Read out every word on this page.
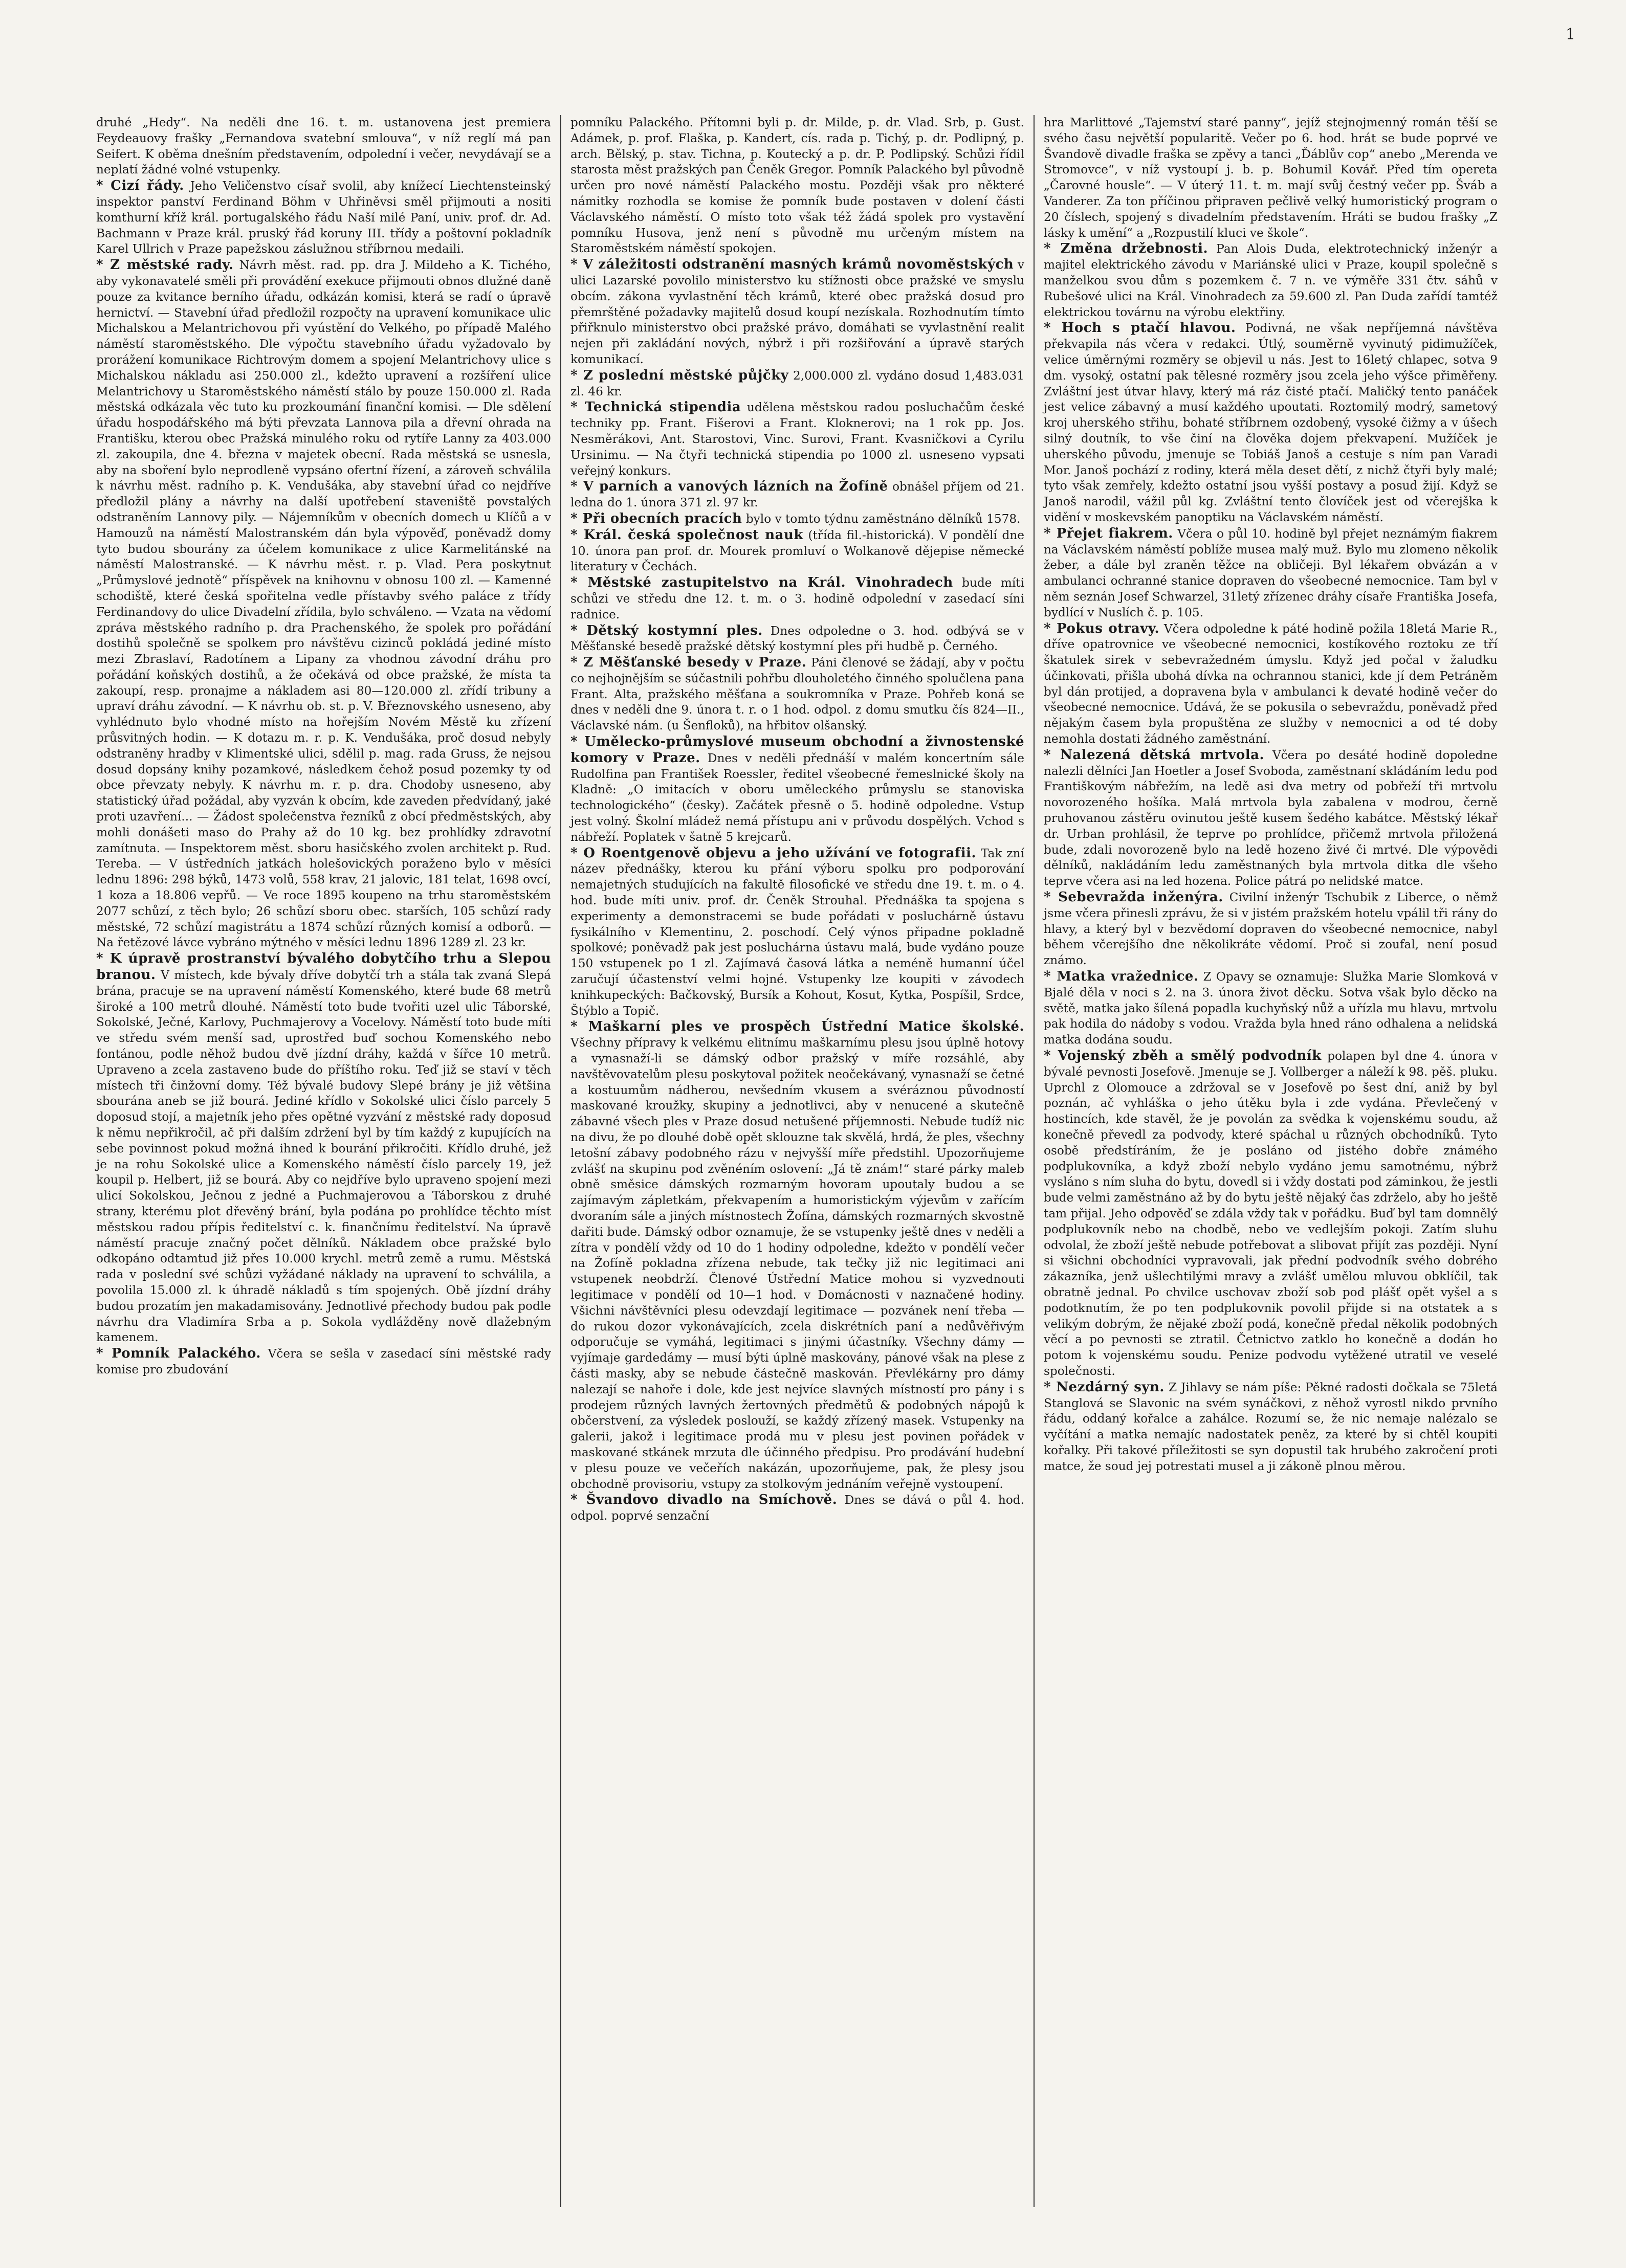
1

druhé „Hedy“. Na neděli dne 16. t. m. ustanovena jest premiera Feydeauovy frašky „Fernandova svatební smlouva“, v níž reglí má pan Seifert. K oběma dnešním představením, odpolední i večer, nevydávají se a neplatí žádné volné vstupenky.

* Cizí řády. Jeho Veličenstvo císař svolil, aby knížecí Liechtensteinský inspektor panství Ferdinand Böhm v Uhřiněvsi směl přijmouti a nositi komthurní kříž král. portugalského řádu Naší milé Paní, univ. prof. dr. Ad. Bachmann v Praze král. pruský řád koruny III. třídy a poštovní pokladník Karel Ullrich v Praze papežskou záslužnou stříbrnou medaili.

* Z městské rady. Návrh měst. rad. pp. dra J. Mildeho a K. Tichého, aby vykonavatelé směli při provádění exekuce přijmouti obnos dlužné daně pouze za kvitance berního úřadu, odkázán komisi, která se radí o úpravě hernictví. — Stavební úřad předložil rozpočty na upravení komunikace ulic Michalskou a Melantrichovou při vyústění do Velkého, po případě Malého náměstí staroměstského. Dle výpočtu stavebního úřadu vyžadovalo by prorážení komunikace Richtrovým domem a spojení Melantrichovy ulice s Michalskou nákladu asi 250.000 zl., kdežto upravení a rozšíření ulice Melantrichovy u Staroměstského náměstí stálo by pouze 150.000 zl. Rada městská odkázala věc tuto ku prozkoumání finanční komisi. — Dle sdělení úřadu hospodářského má býti převzata Lannova pila a dřevní ohrada na Františku, kterou obec Pražská minulého roku od rytíře Lanny za 403.000 zl. zakoupila, dne 4. března v majetek obecní. Rada městská se usnesla, aby na sboření bylo neprodleně vypsáno ofertní řízení, a zároveň schválila k návrhu měst. radního p. K. Vendušáka, aby stavební úřad co nejdříve předložil plány a návrhy na další upotřebení staveniště povstalých odstraněním Lannovy pily. — Nájemníkům v obecních domech u Klíčů a v Hamouzů na náměstí Malostranském dán byla výpověď, poněvadž domy tyto budou sbourány za účelem komunikace z ulice Karmelitánské na náměstí Malostranské. — K návrhu měst. r. p. Vlad. Pera poskytnut „Průmyslové jednotě“ příspěvek na knihovnu v obnosu 100 zl. — Kamenné schodiště, které česká spořitelna vedle přístavby svého paláce z třídy Ferdinandovy do ulice Divadelní zřídila, bylo schváleno. — Vzata na vědomí zpráva městského radního p. dra Prachenského, že spolek pro pořádání dostihů společně se spolkem pro návštěvu cizinců pokládá jediné místo mezi Zbraslaví, Radotínem a Lipany za vhodnou závodní dráhu pro pořádání koňských dostihů, a že očekává od obce pražské, že místa ta zakoupí, resp. pronajme a nákladem asi 80—120.000 zl. zřídí tribuny a upraví dráhu závodní. — K návrhu ob. st. p. V. Březnovského usneseno, aby vyhlédnuto bylo vhodné místo na hořejším Novém Městě ku zřízení průsvitných hodin. — K dotazu m. r. p. K. Vendušáka, proč dosud nebyly odstraněny hradby v Klimentské ulici, sdělil p. mag. rada Gruss, že nejsou dosud dopsány knihy pozamkové, následkem čehož posud pozemky ty od obce převzaty nebyly. K návrhu m. r. p. dra. Chodoby usneseno, aby statistický úřad požádal, aby vyzván k obcím, kde zaveden předvídaný, jaké proti uzavření... — Žádost společenstva řezníků z obcí předměstských, aby mohli donášeti maso do Prahy až do 10 kg. bez prohlídky zdravotní zamítnuta. — Inspektorem měst. sboru hasičského zvolen architekt p. Rud. Tereba. — V ústředních jatkách holešovických poraženo bylo v měsíci lednu 1896: 298 býků, 1473 volů, 558 krav, 21 jalovic, 181 telat, 1698 ovcí, 1 koza a 18.806 vepřů. — Ve roce 1895 koupeno na trhu staroměstském 2077 schůzí, z těch bylo; 26 schůzí sboru obec. starších, 105 schůzí rady městské, 72 schůzí magistrátu a 1874 schůzí různých komisí a odborů. — Na řetězové lávce vybráno mýtného v měsíci lednu 1896 1289 zl. 23 kr.

* K úpravě prostranství bývalého dobytčího trhu a Slepou branou. V místech, kde bývaly dříve dobytčí trh a stála tak zvaná Slepá brána, pracuje se na upravení náměstí Komenského, které bude 68 metrů široké a 100 metrů dlouhé. Náměstí toto bude tvořiti uzel ulic Táborské, Sokolské, Ječné, Karlovy, Puchmajerovy a Vocelovy. Náměstí toto bude míti ve středu svém menší sad, uprostřed buď sochou Komenského nebo fontánou, podle něhož budou dvě jízdní dráhy, každá v šířce 10 metrů. Upraveno a zcela zastaveno bude do příštího roku. Teď již se staví v těch místech tři činžovní domy. Též bývalé budovy Slepé brány je již většina sbourána aneb se již bourá. Jediné křídlo v Sokolské ulici číslo parcely 5 doposud stojí, a majetník jeho přes opětné vyzvání z městské rady doposud k němu nepřikročil, ač při dalším zdržení byl by tím každý z kupujících na sebe povinnost pokud možná ihned k bourání přikročiti. Křídlo druhé, jež je na rohu Sokolské ulice a Komenského náměstí číslo parcely 19, jež koupil p. Helbert, již se bourá. Aby co nejdříve bylo upraveno spojení mezi ulicí Sokolskou, Ječnou z jedné a Puchmajerovou a Táborskou z druhé strany, kterému plot dřevěný brání, byla podána po prohlídce těchto míst městskou radou přípis ředitelství c. k. finančnímu ředitelství. Na úpravě náměstí pracuje značný počet dělníků. Nákladem obce pražské bylo odkopáno odtamtud již přes 10.000 krychl. metrů země a rumu. Městská rada v poslední své schůzi vyžádané náklady na upravení to schválila, a povolila 15.000 zl. k úhradě nákladů s tím spojených. Obě jízdní dráhy budou prozatím jen makadamisovány. Jednotlivé přechody budou pak podle návrhu dra Vladimíra Srba a p. Sokola vydlážděny nově dlažebným kamenem.

* Pomník Palackého. Včera se sešla v zasedací síni městské rady komise pro zbudování

pomníku Palackého. Přítomni byli p. dr. Milde, p. dr. Vlad. Srb, p. Gust. Adámek, p. prof. Flaška, p. Kandert, cís. rada p. Tichý, p. dr. Podlipný, p. arch. Bělský, p. stav. Tichna, p. Koutecký a p. dr. P. Podlipský. Schůzi řídil starosta měst pražských pan Čeněk Gregor. Pomník Palackého byl původně určen pro nové náměstí Palackého mostu. Později však pro některé námitky rozhodla se komise že pomník bude postaven v dolení části Václavského náměstí. O místo toto však též žádá spolek pro vystavění pomníku Husova, jenž není s původně mu určeným místem na Staroměstském náměstí spokojen.

* V záležitosti odstranění masných krámů novoměstských v ulici Lazarské povolilo ministerstvo ku stížnosti obce pražské ve smyslu obcím. zákona vyvlastnění těch krámů, které obec pražská dosud pro přemrštěné požadavky majitelů dosud koupí nezískala. Rozhodnutím tímto přiřknulo ministerstvo obci pražské právo, domáhati se vyvlastnění realit nejen při zakládání nových, nýbrž i při rozšiřování a úpravě starých komunikací.

* Z poslední městské půjčky 2,000.000 zl. vydáno dosud 1,483.031 zl. 46 kr.

* Technická stipendia udělena městskou radou posluchačům české techniky pp. Frant. Fišerovi a Frant. Kloknerovi; na 1 rok pp. Jos. Nesměrákovi, Ant. Starostovi, Vinc. Surovi, Frant. Kvasničkovi a Cyrilu Ursinimu. — Na čtyři technická stipendia po 1000 zl. usneseno vypsati veřejný konkurs.

* V parních a vanových lázních na Žofíně obnášel příjem od 21. ledna do 1. února 371 zl. 97 kr.

* Při obecních pracích bylo v tomto týdnu zaměstnáno dělníků 1578.

* Král. česká společnost nauk (třída fil.-historická). V pondělí dne 10. února pan prof. dr. Mourek promluví o Wolkanově dějepise německé literatury v Čechách.

* Městské zastupitelstvo na Král. Vinohradech bude míti schůzi ve středu dne 12. t. m. o 3. hodině odpolední v zasedací síni radnice.

* Dětský kostymní ples. Dnes odpoledne o 3. hod. odbývá se v Měšťanské besedě pražské dětský kostymní ples při hudbě p. Černého.

* Z Měšťanské besedy v Praze. Páni členové se žádají, aby v počtu co nejhojnějším se súčastnili pohřbu dlouholetého činného spolučlena pana Frant. Alta, pražského měšťana a soukromníka v Praze. Pohřeb koná se dnes v neděli dne 9. února t. r. o 1 hod. odpol. z domu smutku čís 824—II., Václavské nám. (u Šenfloků), na hřbitov olšanský.

* Umělecko-průmyslové museum obchodní a živnostenské komory v Praze. Dnes v neděli přednáší v malém koncertním sále Rudolfina pan František Roessler, ředitel všeobecné řemeslnické školy na Kladně: „O imitacích v oboru uměleckého průmyslu se stanoviska technologického“ (česky). Začátek přesně o 5. hodině odpoledne. Vstup jest volný. Školní mládež nemá přístupu ani v průvodu dospělých. Vchod s nábřeží. Poplatek v šatně 5 krejcarů.

* O Roentgenově objevu a jeho užívání ve fotografii. Tak zní název přednášky, kterou ku přání výboru spolku pro podporování nemajetných studujících na fakultě filosofické ve středu dne 19. t. m. o 4. hod. bude míti univ. prof. dr. Čeněk Strouhal. Přednáška ta spojena s experimenty a demonstracemi se bude pořádati v posluchárně ústavu fysikálního v Klementinu, 2. poschodí. Celý výnos připadne pokladně spolkové; poněvadž pak jest posluchárna ústavu malá, bude vydáno pouze 150 vstupenek po 1 zl. Zajímavá časová látka a neméně humanní účel zaručují účastenství velmi hojné. Vstupenky lze koupiti v závodech knihkupeckých: Bačkovský, Bursík a Kohout, Kosut, Kytka, Pospíšil, Srdce, Štýblo a Topič.

* Maškarní ples ve prospěch Ústřední Matice školské. Všechny přípravy k velkému elitnímu maškarnímu plesu jsou úplně hotovy a vynasnaží-li se dámský odbor pražský v míře rozsáhlé, aby navštěvovatelům plesu poskytoval požitek neočekávaný, vynasnaží se četné a kostuumům nádherou, nevšedním vkusem a svéráznou původností maskované kroužky, skupiny a jednotlivci, aby v nenucené a skutečně zábavné všech ples v Praze dosud netušené příjemnosti. Nebude tudíž nic na divu, že po dlouhé době opět sklouzne tak skvělá, hrdá, že ples, všechny letošní zábavy podobného rázu v nejvyšší míře předstihl. Upozorňujeme zvlášť na skupinu pod zvěnéním oslovení: „Já tě znám!“ staré párky maleb obně směsice dámských rozmarným hovoram upoutaly budou a se zajímavým zápletkám, překvapením a humoristickým výjevům v zařícím dvoraním sále a jiných místnostech Žofína, dámských rozmarných skvostně dařiti bude. Dámský odbor oznamuje, že se vstupenky ještě dnes v neděli a zítra v pondělí vždy od 10 do 1 hodiny odpoledne, kdežto v pondělí večer na Žofíně pokladna zřízena nebude, tak tečky již nic legitimaci ani vstupenek neobdrží. Členové Ústřední Matice mohou si vyzvednouti legitimace v pondělí od 10—1 hod. v Domácnosti v naznačené hodiny. Všichni návštěvníci plesu odevzdají legitimace — pozvánek není třeba — do rukou dozor vykonávajících, zcela diskrétních paní a nedůvěřivým odporučuje se vymáhá, legitimaci s jinými účastníky. Všechny dámy — vyjímaje gardedámy — musí býti úplně maskovány, pánové však na plese z části masky, aby se nebude částečně maskován. Převlékárny pro dámy nalezají se nahoře i dole, kde jest nejvíce slavných místností pro pány i s prodejem různých lavných žertovných předmětů & podobných nápojů k občerstvení, za výsledek poslouží, se každý zřízený masek. Vstupenky na galerii, jakož i legitimace prodá mu v plesu jest povinen pořádek v maskované stkánek mrzuta dle účinného předpisu. Pro prodávání hudební v plesu pouze ve večeřích nakázán, upozorňujeme, pak, že plesy jsou obchodně provisoriu, vstupy za stolkovým jednáním veřejně vystoupení.

* Švandovo divadlo na Smíchově. Dnes se dává o půl 4. hod. odpol. poprvé senzační

hra Marlittové „Tajemství staré panny“, jejíž stejnojmenný román těší se svého času největší popularitě. Večer po 6. hod. hrát se bude poprvé ve Švandově divadle fraška se zpěvy a tanci „Ďáblův cop“ anebo „Merenda ve Stromovce“, v níž vystoupí j. b. p. Bohumil Kovář. Před tím opereta „Čarovné housle“. — V úterý 11. t. m. mají svůj čestný večer pp. Šváb a Vanderer. Za ton příčinou připraven pečlivě velký humoristický program o 20 číslech, spojený s divadelním představením. Hráti se budou frašky „Z lásky k umění“ a „Rozpustilí kluci ve škole“.

* Změna držebnosti. Pan Alois Duda, elektrotechnický inženýr a majitel elektrického závodu v Mariánské ulici v Praze, koupil společně s manželkou svou dům s pozemkem č. 7 n. ve výměře 331 čtv. sáhů v Rubešové ulici na Král. Vinohradech za 59.600 zl. Pan Duda zařídí tamtéž elektrickou továrnu na výrobu elektřiny.

* Hoch s ptačí hlavou. Podivná, ne však nepříjemná návštěva překvapila nás včera v redakci. Útlý, souměrně vyvinutý pidimužíček, velice úměrnými rozměry se objevil u nás. Jest to 16letý chlapec, sotva 9 dm. vysoký, ostatní pak tělesné rozměry jsou zcela jeho výšce přiměřeny. Zvláštní jest útvar hlavy, který má ráz čisté ptačí. Maličký tento panáček jest velice zábavný a musí každého upoutati. Roztomilý modrý, sametový kroj uherského střihu, bohaté stříbrnem ozdobený, vysoké čižmy a v úšech silný doutník, to vše činí na člověka dojem překvapení. Mužíček je uherského původu, jmenuje se Tobiáš Janoš a cestuje s ním pan Varadi Mor. Janoš pochází z rodiny, která měla deset dětí, z nichž čtyři byly malé; tyto však zemřely, kdežto ostatní jsou vyšší postavy a posud žijí. Když se Janoš narodil, vážil půl kg. Zvláštní tento človíček jest od včerejška k vidění v moskevském panoptiku na Václavském náměstí.

* Přejet fiakrem. Včera o půl 10. hodině byl přejet neznámým fiakrem na Václavském náměstí poblíže musea malý muž. Bylo mu zlomeno několik žeber, a dále byl zraněn těžce na obličeji. Byl lékařem obvázán a v ambulanci ochranné stanice dopraven do všeobecné nemocnice. Tam byl v něm seznán Josef Schwarzel, 31letý zřízenec dráhy císaře Františka Josefa, bydlící v Nuslích č. p. 105.

* Pokus otravy. Včera odpoledne k páté hodině požila 18letá Marie R., dříve opatrovnice ve všeobecné nemocnici, kostíkového roztoku ze tří škatulek sirek v sebevražedném úmyslu. Když jed počal v žaludku účinkovati, přišla ubohá dívka na ochrannou stanici, kde jí dem Petráněm byl dán protijed, a dopravena byla v ambulanci k devaté hodině večer do všeobecné nemocnice. Udává, že se pokusila o sebevraždu, poněvadž před nějakým časem byla propuštěna ze služby v nemocnici a od té doby nemohla dostati žádného zaměstnání.

* Nalezená dětská mrtvola. Včera po desáté hodině dopoledne nalezli dělníci Jan Hoetler a Josef Svoboda, zaměstnaní skládáním ledu pod Františkovým nábřežím, na ledě asi dva metry od pobřeží tři mrtvolu novorozeného hošíka. Malá mrtvola byla zabalena v modrou, černě pruhovanou zástěru ovinutou ještě kusem šedého kabátce. Městský lékař dr. Urban prohlásil, že teprve po prohlídce, přičemž mrtvola přiložená bude, zdali novorozeně bylo na ledě hozeno živé či mrtvé. Dle výpovědi dělníků, nakládáním ledu zaměstnaných byla mrtvola ditka dle všeho teprve včera asi na led hozena. Police pátrá po nelidské matce.

* Sebevražda inženýra. Civilní inženýr Tschubik z Liberce, o němž jsme včera přinesli zprávu, že si v jistém pražském hotelu vpálil tři rány do hlavy, a který byl v bezvědomí dopraven do všeobecné nemocnice, nabyl během včerejšího dne několikráte vědomí. Proč si zoufal, není posud známo.

* Matka vražednice. Z Opavy se oznamuje: Služka Marie Slomková v Bjalé děla v noci s 2. na 3. února život děcku. Sotva však bylo děcko na světě, matka jako šílená popadla kuchyňský nůž a uřízla mu hlavu, mrtvolu pak hodila do nádoby s vodou. Vražda byla hned ráno odhalena a nelidská matka dodána soudu.

* Vojenský zběh a smělý podvodník polapen byl dne 4. února v bývalé pevnosti Josefově. Jmenuje se J. Vollberger a náleží k 98. pěš. pluku. Uprchl z Olomouce a zdržoval se v Josefově po šest dní, aniž by byl poznán, ač vyhláška o jeho útěku byla i zde vydána. Převlečený v hostincích, kde stavěl, že je povolán za svědka k vojenskému soudu, až konečně převedl za podvody, které spáchal u různých obchodníků. Tyto osobě předstíráním, že je posláno od jistého dobře známého podplukovníka, a když zboží nebylo vydáno jemu samotnému, nýbrž vysláno s ním sluha do bytu, dovedl si i vždy dostati pod záminkou, že jestli bude velmi zaměstnáno až by do bytu ještě nějaký čas zdrželo, aby ho ještě tam přijal. Jeho odpověď se zdála vždy tak v pořádku. Buď byl tam domnělý podplukovník nebo na chodbě, nebo ve vedlejším pokoji. Zatím sluhu odvolal, že zboží ještě nebude potřebovat a slibovat přijít zas později. Nyní si všichni obchodníci vypravovali, jak přední podvodník svého dobrého zákazníka, jenž ušlechtilými mravy a zvlášť umělou mluvou obklíčil, tak obratně jednal. Po chvilce uschovav zboží sob pod plášť opět vyšel a s podotknutím, že po ten podplukovnik povolil přijde si na otstatek a s velikým dobrým, že nějaké zboží podá, konečně předal několik podobných věcí a po pevnosti se ztratil. Četnictvo zatklo ho konečně a dodán ho potom k vojenskému soudu. Penize podvodu vytěžené utratil ve veselé společnosti.

* Nezdárný syn. Z Jihlavy se nám píše: Pěkné radosti dočkala se 75letá Stanglová se Slavonic na svém synáčkovi, z něhož vyrostl nikdo prvního řádu, oddaný kořalce a zahálce. Rozumí se, že nic nemaje nalézalo se vyčítání a matka nemajíc nadostatek peněz, za které by si chtěl koupiti kořalky. Při takové příležitosti se syn dopustil tak hrubého zakročení proti matce, že soud jej potrestati musel a ji zákoně plnou měrou.
